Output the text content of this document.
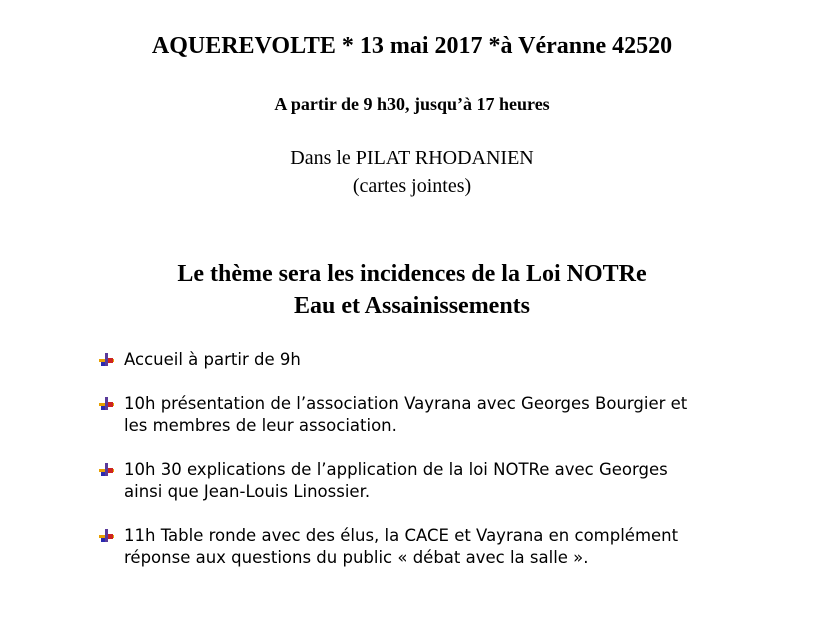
AQUEREVOLTE * 13 mai 2017 *à Véranne 42520
A partir de 9 h30, jusqu’à 17 heures
Dans le PILAT RHODANIEN
(cartes jointes)
Le thème sera les incidences de la Loi NOTRe
Eau et Assainissements
Accueil à partir de 9h
10h présentation de l’association Vayrana avec Georges Bourgier et
les membres de leur association.
10h 30 explications de l’application de la loi NOTRe avec Georges
ainsi que Jean-Louis Linossier.
11h Table ronde avec des élus, la CACE et Vayrana en complément
réponse aux questions du public « débat avec la salle ».
